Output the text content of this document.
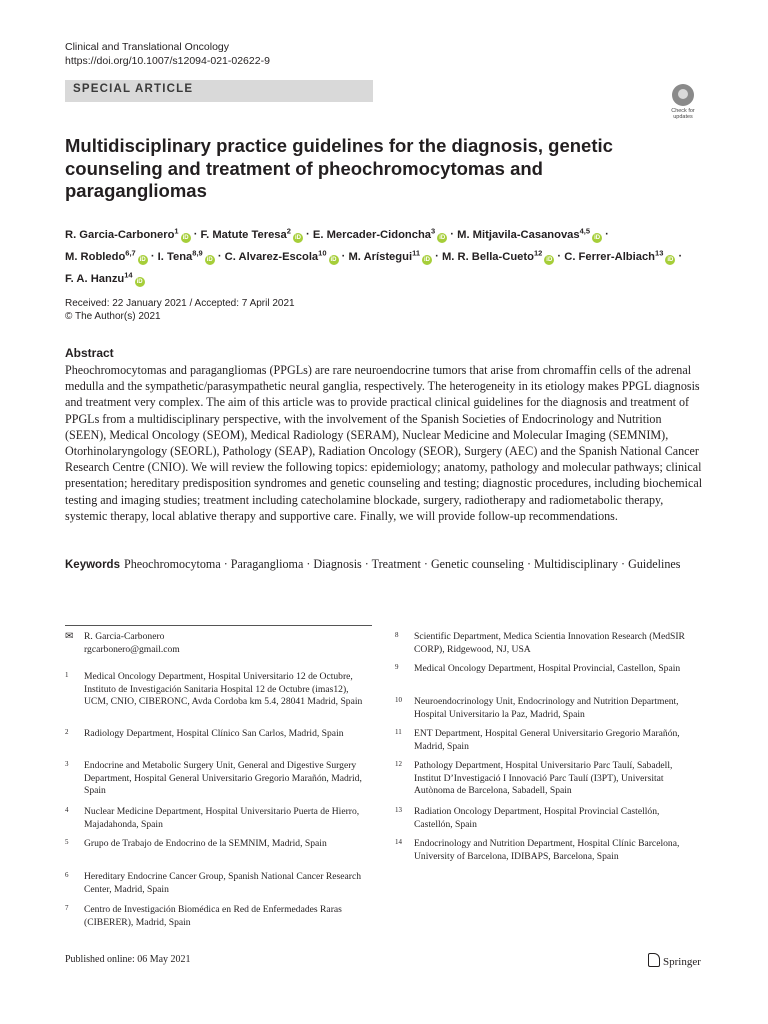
Clinical and Translational Oncology
https://doi.org/10.1007/s12094-021-02622-9
SPECIAL ARTICLE
Check for updates
Multidisciplinary practice guidelines for the diagnosis, genetic counseling and treatment of pheochromocytomas and paragangliomas
R. Garcia-Carbonero$^1$iD · F. Matute Teresa$^2$iD · E. Mercader-Cidoncha$^3$iD · M. Mitjavila-Casanovas$^{4,5}$iD ·
M. Robledo$^{6,7}$iD · I. Tena$^{8,9}$iD · C. Alvarez-Escola$^{10}$iD · M. Arístegui$^{11}$iD · M. R. Bella-Cueto$^{12}$iD · C. Ferrer-Albiach$^{13}$iD ·
F. A. Hanzu$^{14}$iD
Received: 22 January 2021 / Accepted: 7 April 2021
© The Author(s) 2021
Abstract
Pheochromocytomas and paragangliomas (PPGLs) are rare neuroendocrine tumors that arise from chromaffin cells of the adrenal medulla and the sympathetic/parasympathetic neural ganglia, respectively. The heterogeneity in its etiology makes PPGL diagnosis and treatment very complex. The aim of this article was to provide practical clinical guidelines for the diagnosis and treatment of PPGLs from a multidisciplinary perspective, with the involvement of the Spanish Societies of Endocrinology and Nutrition (SEEN), Medical Oncology (SEOM), Medical Radiology (SERAM), Nuclear Medicine and Molecular Imaging (SEMNIM), Otorhinolaryngology (SEORL), Pathology (SEAP), Radiation Oncology (SEOR), Surgery (AEC) and the Spanish National Cancer Research Centre (CNIO). We will review the following topics: epidemiology; anatomy, pathology and molecular pathways; clinical presentation; hereditary predisposition syndromes and genetic counseling and testing; diagnostic procedures, including biochemical testing and imaging studies; treatment including catecholamine blockade, surgery, radiotherapy and radiometabolic therapy, systemic therapy, local ablative therapy and supportive care. Finally, we will provide follow-up recommendations.
Keywords Pheochromocytoma · Paraganglioma · Diagnosis · Treatment · Genetic counseling · Multidisciplinary · Guidelines
✉ R. Garcia-Carbonero
rgcarbonero@gmail.com
1 Medical Oncology Department, Hospital Universitario 12 de Octubre, Instituto de Investigación Sanitaria Hospital 12 de Octubre (imas12), UCM, CNIO, CIBERONC, Avda Cordoba km 5.4, 28041 Madrid, Spain
2 Radiology Department, Hospital Clínico San Carlos, Madrid, Spain
3 Endocrine and Metabolic Surgery Unit, General and Digestive Surgery Department, Hospital General Universitario Gregorio Marañón, Madrid, Spain
4 Nuclear Medicine Department, Hospital Universitario Puerta de Hierro, Majadahonda, Spain
5 Grupo de Trabajo de Endocrino de la SEMNIM, Madrid, Spain
6 Hereditary Endocrine Cancer Group, Spanish National Cancer Research Center, Madrid, Spain
7 Centro de Investigación Biomédica en Red de Enfermedades Raras (CIBERER), Madrid, Spain
8 Scientific Department, Medica Scientia Innovation Research (MedSIR CORP), Ridgewood, NJ, USA
9 Medical Oncology Department, Hospital Provincial, Castellon, Spain
10 Neuroendocrinology Unit, Endocrinology and Nutrition Department, Hospital Universitario la Paz, Madrid, Spain
11 ENT Department, Hospital General Universitario Gregorio Marañón, Madrid, Spain
12 Pathology Department, Hospital Universitario Parc Taulí, Sabadell, Institut D’Investigació I Innovació Parc Taulí (I3PT), Universitat Autònoma de Barcelona, Sabadell, Spain
13 Radiation Oncology Department, Hospital Provincial Castellón, Castellón, Spain
14 Endocrinology and Nutrition Department, Hospital Clínic Barcelona, University of Barcelona, IDIBAPS, Barcelona, Spain
Published online: 06 May 2021	Springer
